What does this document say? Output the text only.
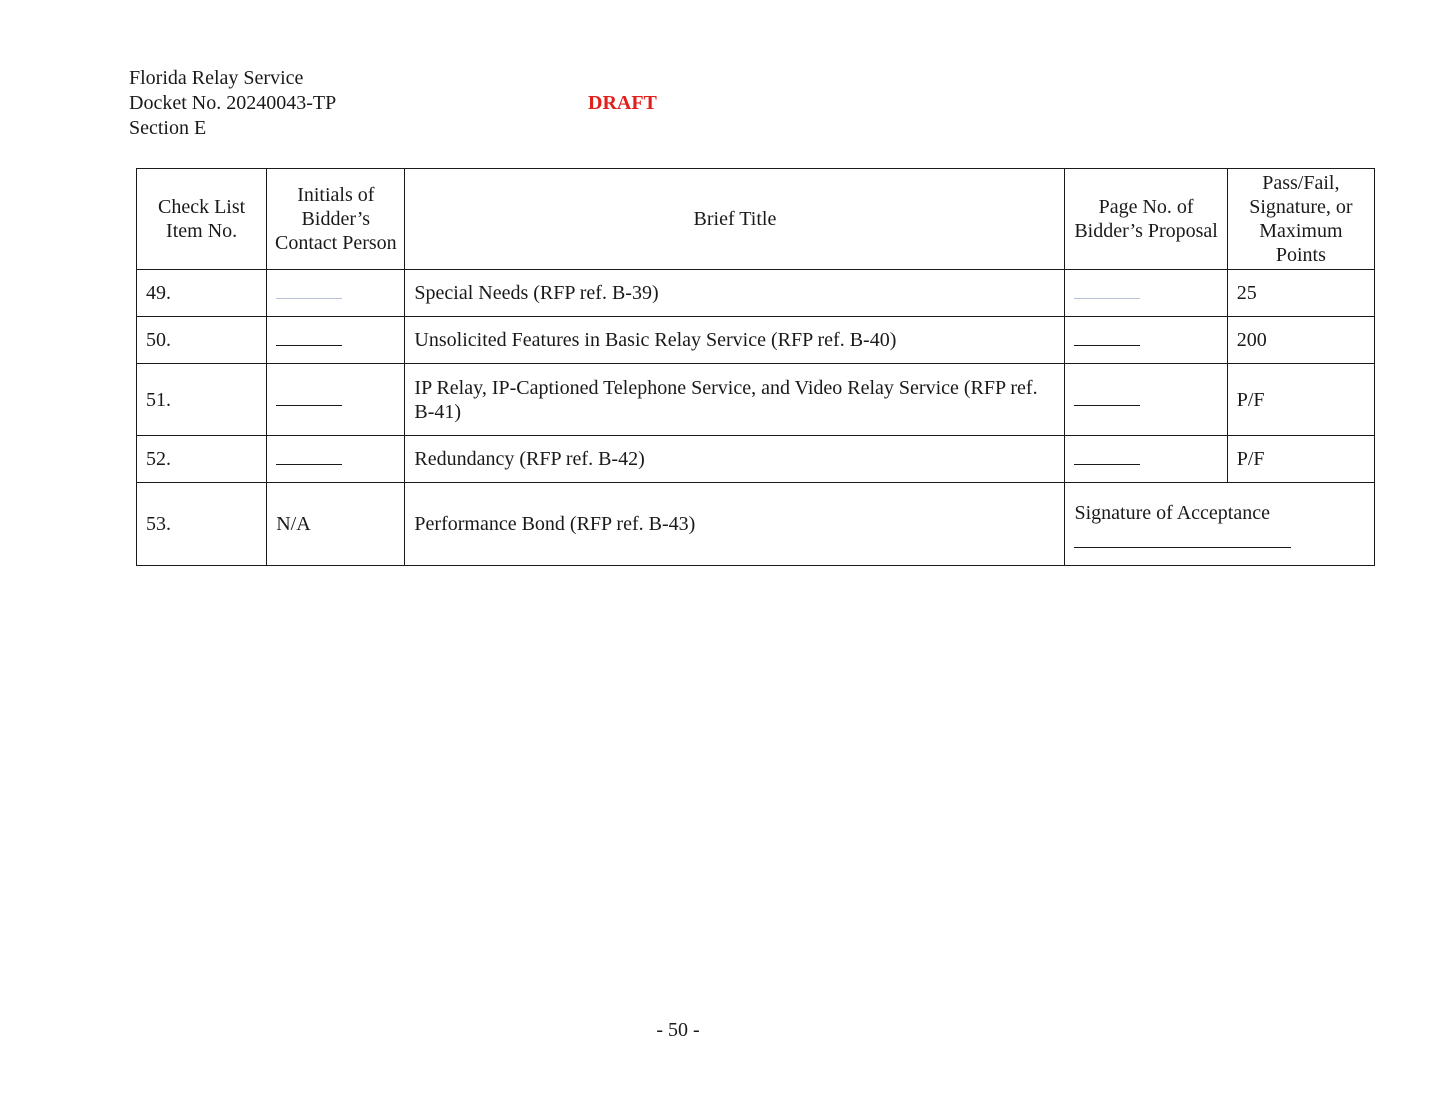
Florida Relay Service
Docket No. 20240043-TP
Section E
DRAFT
Check List Item No.	Initials of Bidder’s Contact Person	Brief Title	Page No. of Bidder’s Proposal	Pass/Fail, Signature, or Maximum Points
49.		Special Needs (RFP ref. B-39)		25
50.		Unsolicited Features in Basic Relay Service (RFP ref. B-40)		200
51.		IP Relay, IP-Captioned Telephone Service, and Video Relay Service (RFP ref. B-41)		P/F
52.		Redundancy (RFP ref. B-42)		P/F
53.	N/A	Performance Bond (RFP ref. B-43)	Signature of Acceptance	
- 50 -
